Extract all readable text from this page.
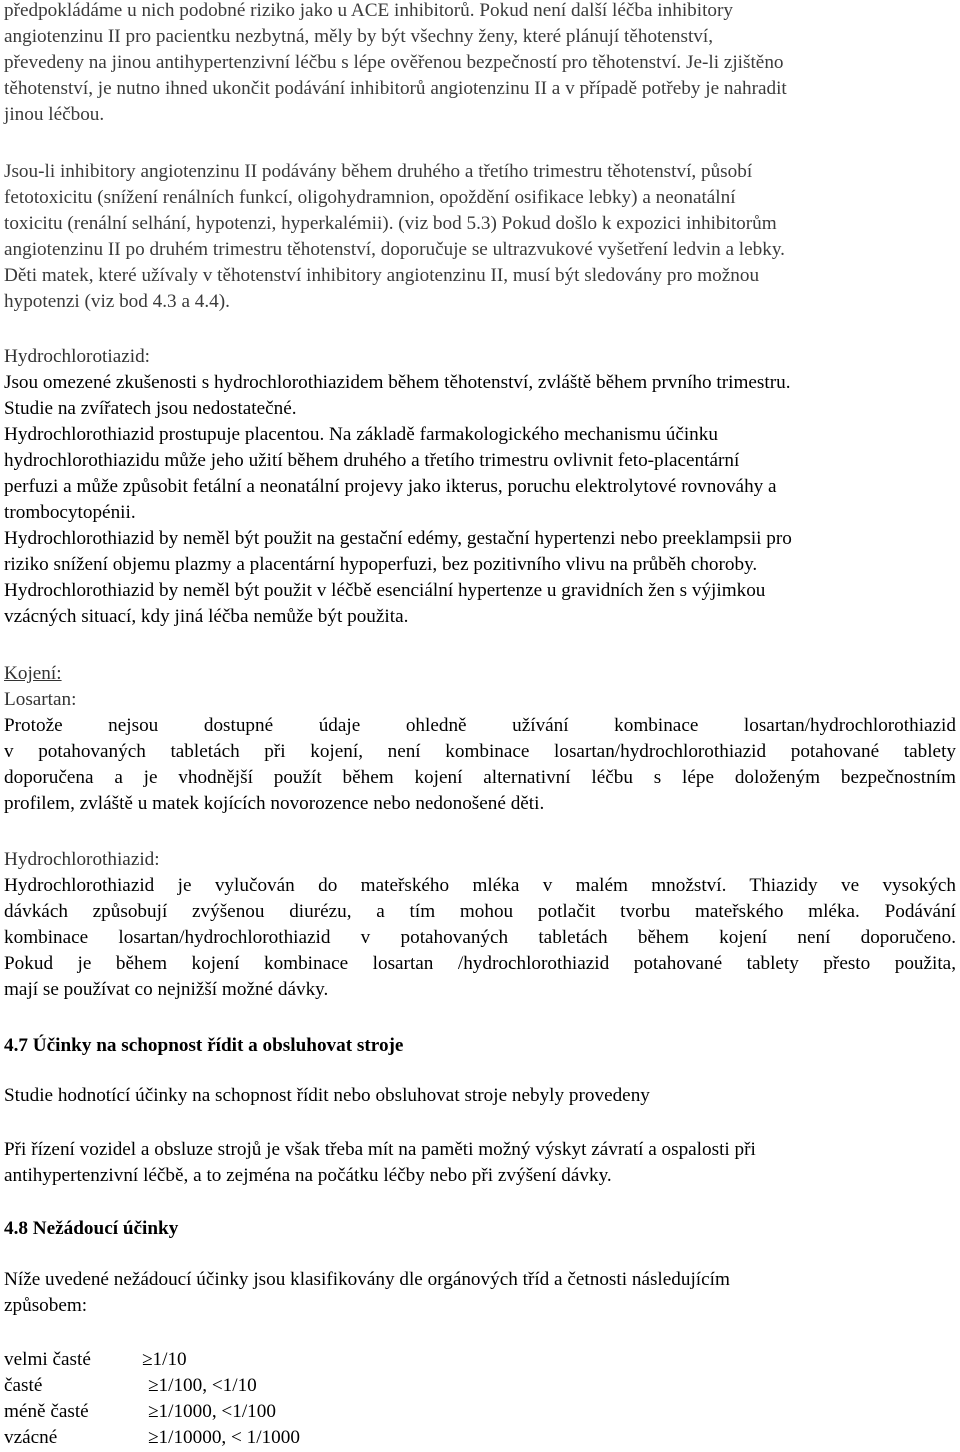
předpokládáme u nich podobné riziko jako u ACE inhibitorů. Pokud není další léčba inhibitory
angiotenzinu II pro pacientku nezbytná, měly by být všechny ženy, které plánují těhotenství,
převedeny na jinou antihypertenzivní léčbu s lépe ověřenou bezpečností pro těhotenství. Je-li zjištěno
těhotenství, je nutno ihned ukončit podávání inhibitorů angiotenzinu II a v případě potřeby je nahradit
jinou léčbou.
Jsou-li inhibitory angiotenzinu II podávány během druhého a třetího trimestru těhotenství, působí
fetotoxicitu (snížení renálních funkcí, oligohydramnion, opoždění osifikace lebky) a neonatální
toxicitu (renální selhání, hypotenzi, hyperkalémii). (viz bod 5.3) Pokud došlo k expozici inhibitorům
angiotenzinu II po druhém trimestru těhotenství, doporučuje se ultrazvukové vyšetření ledvin a lebky.
Děti matek, které užívaly v těhotenství inhibitory angiotenzinu II, musí být sledovány pro možnou
hypotenzi (viz bod 4.3 a 4.4).
Hydrochlorotiazid:
Jsou omezené zkušenosti s hydrochlorothiazidem během těhotenství, zvláště během prvního trimestru.
Studie na zvířatech jsou nedostatečné.
Hydrochlorothiazid prostupuje placentou. Na základě farmakologického mechanismu účinku
hydrochlorothiazidu může jeho užití během druhého a třetího trimestru ovlivnit feto-placentární
perfuzi a může způsobit fetální a neonatální projevy jako ikterus, poruchu elektrolytové rovnováhy a
trombocytopénii.
Hydrochlorothiazid by neměl být použit na gestační edémy, gestační hypertenzi nebo preeklampsii pro
riziko snížení objemu plazmy a placentární hypoperfuzi, bez pozitivního vlivu na průběh choroby.
Hydrochlorothiazid by neměl být použit v léčbě esenciální hypertenze u gravidních žen s výjimkou
vzácných situací, kdy jiná léčba nemůže být použita.
Kojení:
Losartan:
Protože nejsou dostupné údaje ohledně užívání kombinace losartan/hydrochlorothiazid
v potahovaných tabletách při kojení, není kombinace losartan/hydrochlorothiazid potahované tablety
doporučena a je vhodnější použít během kojení alternativní léčbu s lépe doloženým bezpečnostním
profilem, zvláště u matek kojících novorozence nebo nedonošené děti.
Hydrochlorothiazid:
Hydrochlorothiazid je vylučován do mateřského mléka v malém množství. Thiazidy ve vysokých
dávkách způsobují zvýšenou diurézu, a tím mohou potlačit tvorbu mateřského mléka. Podávání
kombinace losartan/hydrochlorothiazid v potahovaných tabletách během kojení není doporučeno.
Pokud je během kojení kombinace losartan /hydrochlorothiazid potahované tablety přesto použita,
mají se používat co nejnižší možné dávky.
4.7 Účinky na schopnost řídit a obsluhovat stroje
Studie hodnotící účinky na schopnost řídit nebo obsluhovat stroje nebyly provedeny
Při řízení vozidel a obsluze strojů je však třeba mít na paměti možný výskyt závratí a ospalosti při
antihypertenzivní léčbě, a to zejména na počátku léčby nebo při zvýšení dávky.
4.8 Nežádoucí účinky
Níže uvedené nežádoucí účinky jsou klasifikovány dle orgánových tříd a četnosti následujícím
způsobem:
velmi časté	≥1/10
časté	≥1/100, <1/10
méně časté	≥1/1000, <1/100
vzácné	≥1/10000, < 1/1000
